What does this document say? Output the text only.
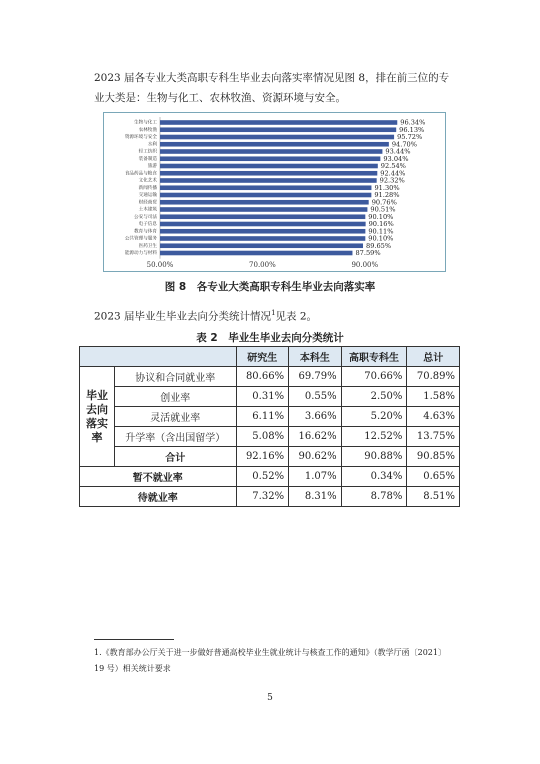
2023 届各专业大类高职专科生毕业去向落实率情况见图 8，排在前三位的专业大类是：生物与化工、农林牧渔、资源环境与安全。
生物与化工	96.34%
农林牧渔	96.13%
资源环境与安全	95.72%
水利	94.70%
轻工纺织	93.44%
装备制造	93.04%
旅游	92.54%
食品药品与粮食	92.44%
文化艺术	92.32%
新闻传播	91.30%
交通运输	91.28%
财经商贸	90.76%
土木建筑	90.51%
公安与司法	90.10%
电子信息	90.16%
教育与体育	90.11%
公共管理与服务	90.10%
医药卫生	89.65%
能源动力与材料	87.59%
50.00%	70.00%	90.00%
图 8　各专业大类高职专科生毕业去向落实率
2023 届毕业生毕业去向分类统计情况$^1$见表 2。
表 2　毕业生毕业去向分类统计
		研究生	本科生	高职专科生	总计
毕业去向落实率	协议和合同就业率	80.66%	69.79%	70.66%	70.89%
	创业率	0.31%	0.55%	2.50%	1.58%
	灵活就业率	6.11%	3.66%	5.20%	4.63%
	升学率（含出国留学）	5.08%	16.62%	12.52%	13.75%
	合计	92.16%	90.62%	90.88%	90.85%
暂不就业率		0.52%	1.07%	0.34%	0.65%
待就业率		7.32%	8.31%	8.78%	8.51%
1.《教育部办公厅关于进一步做好普通高校毕业生就业统计与核查工作的通知》（教学厅函〔2021〕19 号）相关统计要求
5
